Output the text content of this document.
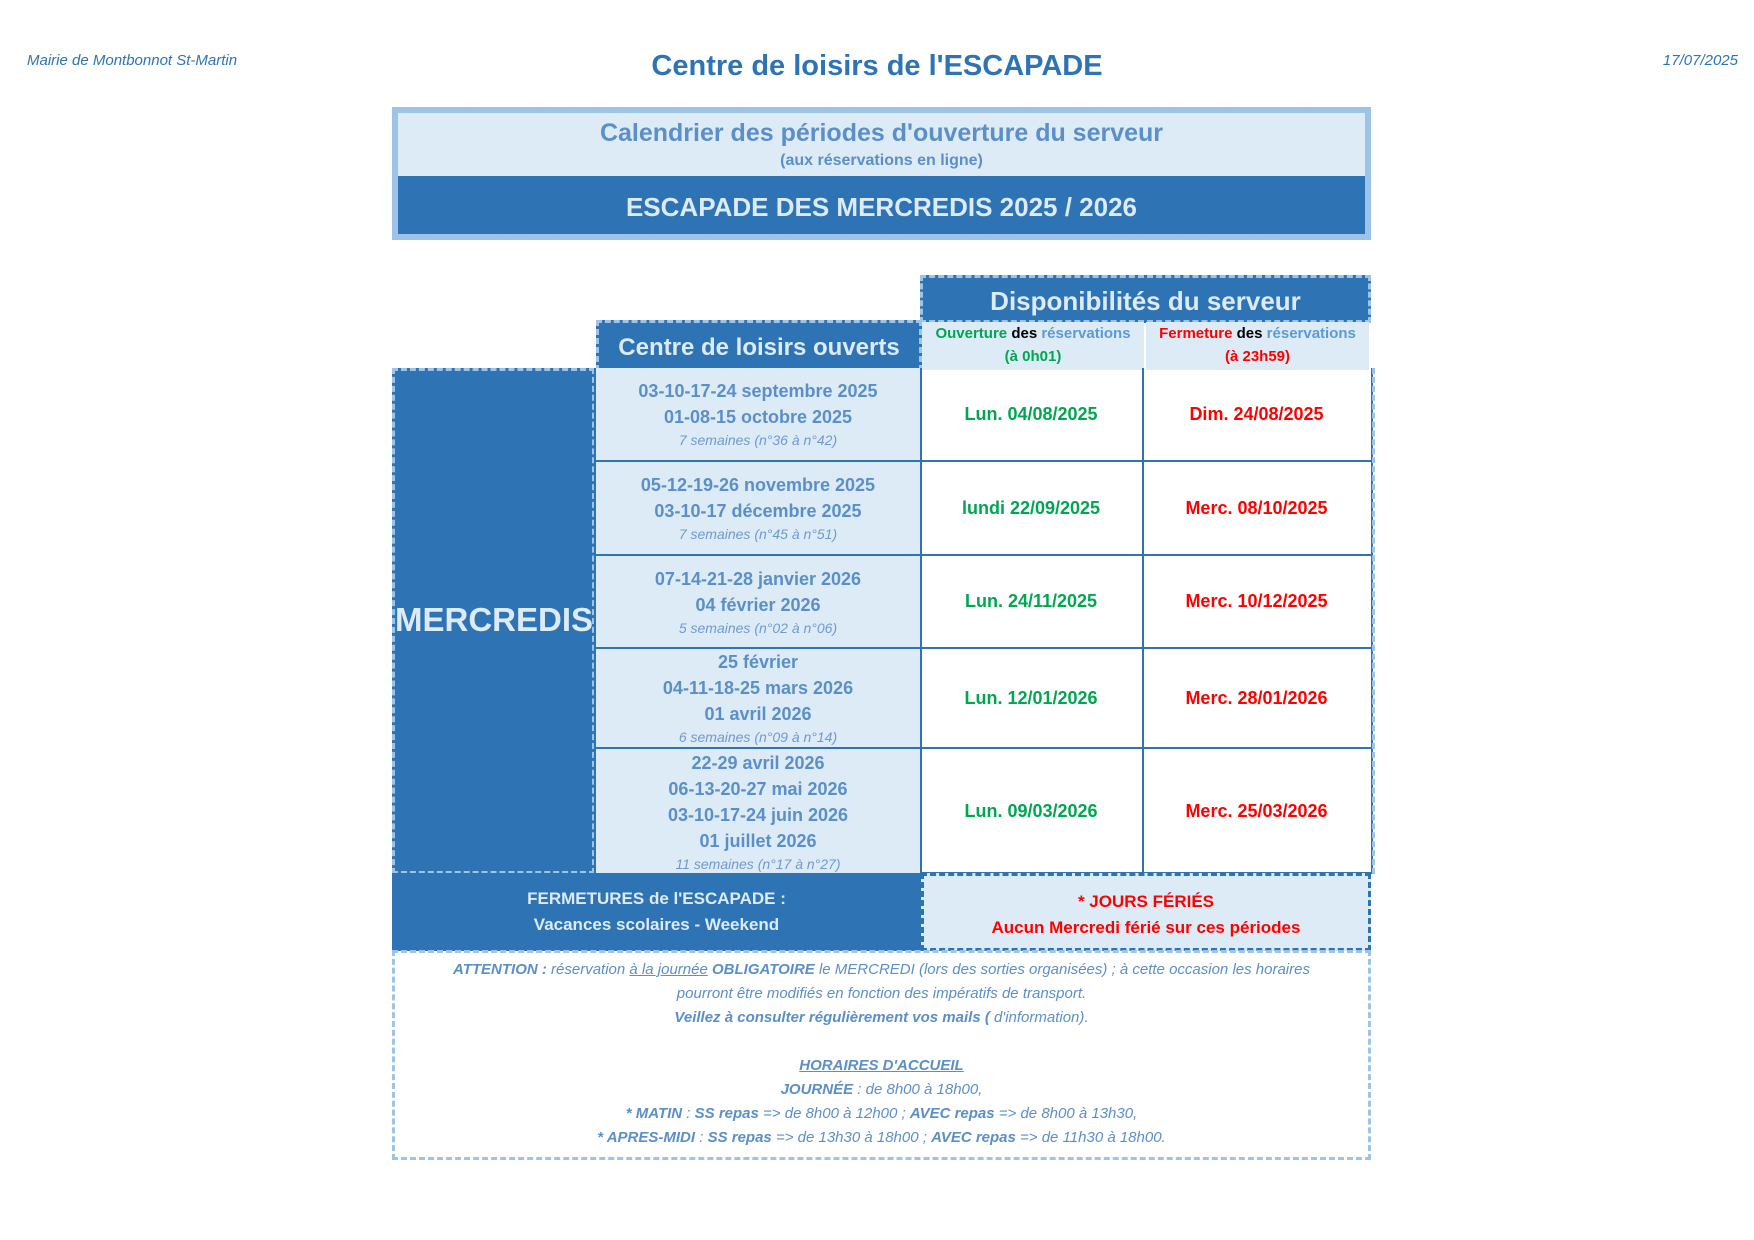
Mairie de Montbonnot St-Martin	17/07/2025
Centre de loisirs de l'ESCAPADE
Calendrier des périodes d'ouverture du serveur
(aux réservations en ligne)
ESCAPADE DES MERCREDIS 2025 / 2026
Disponibilités du serveur
Centre de loisirs ouverts
Ouverture des réservations
(à 0h01)
Fermeture des réservations
(à 23h59)
MERCREDIS
03-10-17-24 septembre 2025
01-08-15 octobre 2025
7 semaines (n°36 à n°42)
Lun. 04/08/2025	Dim. 24/08/2025
05-12-19-26 novembre 2025
03-10-17 décembre 2025
7 semaines (n°45 à n°51)
lundi 22/09/2025	Merc. 08/10/2025
07-14-21-28 janvier 2026
04 février 2026
5 semaines (n°02 à n°06)
Lun. 24/11/2025	Merc. 10/12/2025
25 février
04-11-18-25 mars 2026
01 avril 2026
6 semaines (n°09 à n°14)
Lun. 12/01/2026	Merc. 28/01/2026
22-29 avril 2026
06-13-20-27 mai 2026
03-10-17-24 juin 2026
01 juillet 2026
11 semaines (n°17 à n°27)
Lun. 09/03/2026	Merc. 25/03/2026
FERMETURES de l'ESCAPADE :
Vacances scolaires - Weekend
* JOURS FÉRIÉS
Aucun Mercredi férié sur ces périodes
ATTENTION : réservation à la journée OBLIGATOIRE le MERCREDI (lors des sorties organisées) ; à cette occasion les horaires
pourront être modifiés en fonction des impératifs de transport.
Veillez à consulter régulièrement vos mails ( d'information).
HORAIRES D'ACCUEIL
JOURNÉE : de 8h00 à 18h00,
* MATIN : SS repas => de 8h00 à 12h00 ; AVEC repas => de 8h00 à 13h30,
* APRES-MIDI : SS repas => de 13h30 à 18h00 ; AVEC repas => de 11h30 à 18h00.
